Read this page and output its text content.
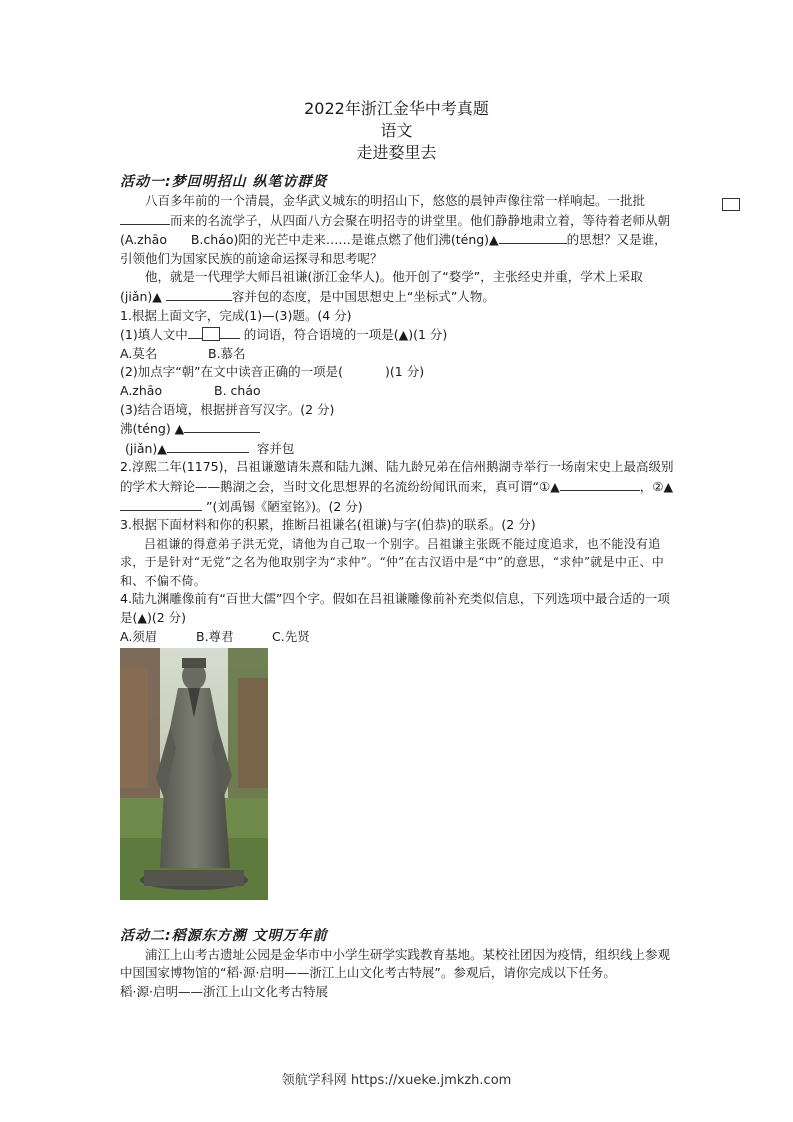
2022年浙江金华中考真题
语文
走进婺里去

活动一:梦回明招山 纵笔访群贤

八百多年前的一个清晨，金华武义城东的明招山下，悠悠的晨钟声像往常一样响起。一批批而来的名流学子，从四面八方会聚在明招寺的讲堂里。他们静静地肃立着，等待着老师从朝(A.zhāo B.cháo)阳的光芒中走来……是谁点燃了他们沸(téng)▲	的思想？又是谁，引领他们为国家民族的前途命运探寻和思考呢？

他，就是一代理学大师吕祖谦(浙江金华人)。他开创了“婺学”，主张经史并重，学术上采取(jiǎn)▲	容并包的态度，是中国思想史上“坐标式”人物。

1.根据上面文字，完成(1)—(3)题。(4 分)

(1)填人文中	的词语，符合语境的一项是(▲)(1 分)

A.莫名	B.慕名

(2)加点字“朝”在文中读音正确的一项是(	)(1 分)

A.zhāo	B. cháo

(3)结合语境，根据拼音写汉字。(2 分)

沸(téng) ▲

(jiǎn)▲	容并包

2.淳熙二年(1175)，吕祖谦邀请朱熹和陆九渊、陆九龄兄弟在信州鹅湖寺举行一场南宋史上最高级别的学术大辩论——鹅湖之会，当时文化思想界的名流纷纷闻讯而来，真可谓“①▲	，②▲ ”(刘禹锡《陋室铭》)。(2 分)

3.根据下面材料和你的积累，推断吕祖谦名(祖谦)与字(伯恭)的联系。(2 分)

吕祖谦的得意弟子洪无党，请他为自己取一个别字。吕祖谦主张既不能过度追求，也不能没有追求，于是针对“无党”之名为他取别字为“求仲”。“仲”在古汉语中是“中”的意思，“求仲”就是中正、中和、不偏不倚。

4.陆九渊雕像前有“百世大儒”四个字。假如在吕祖谦雕像前补充类似信息，下列选项中最合适的一项是(▲)(2 分)

A.须眉	B.尊君	C.先贤

活动二:稻源东方溯 文明万年前

浦江上山考古遗址公园是金华市中小学生研学实践教育基地。某校社团因为疫情，组织线上参观中国国家博物馆的“稻·源·启明——浙江上山文化考古特展”。参观后，请你完成以下任务。

稻·源·启明——浙江上山文化考古特展

领航学科网 https://xueke.jmkzh.com
